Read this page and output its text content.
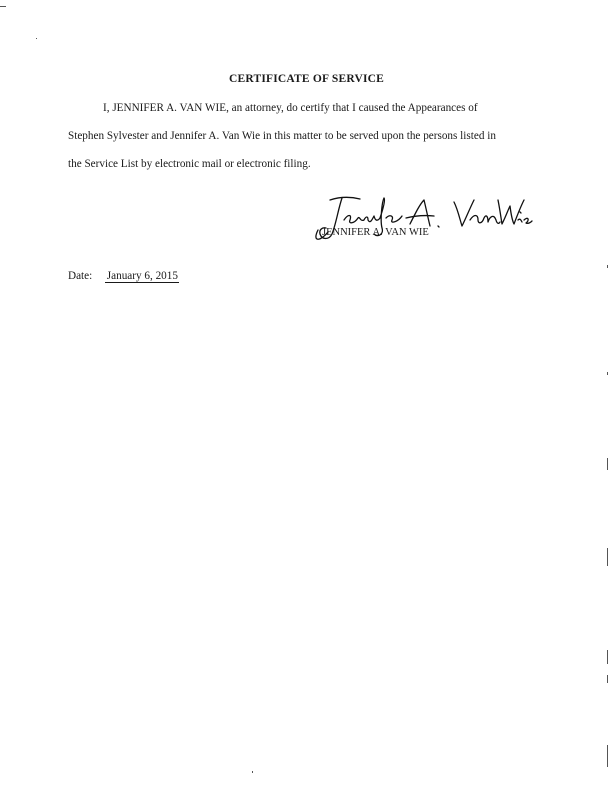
CERTIFICATE OF SERVICE
I, JENNIFER A. VAN WIE, an attorney, do certify that I caused the Appearances of
Stephen Sylvester and Jennifer A. Van Wie in this matter to be served upon the persons listed in
the Service List by electronic mail or electronic filing.
JENNIFER A. VAN WIE
Date: January 6, 2015
